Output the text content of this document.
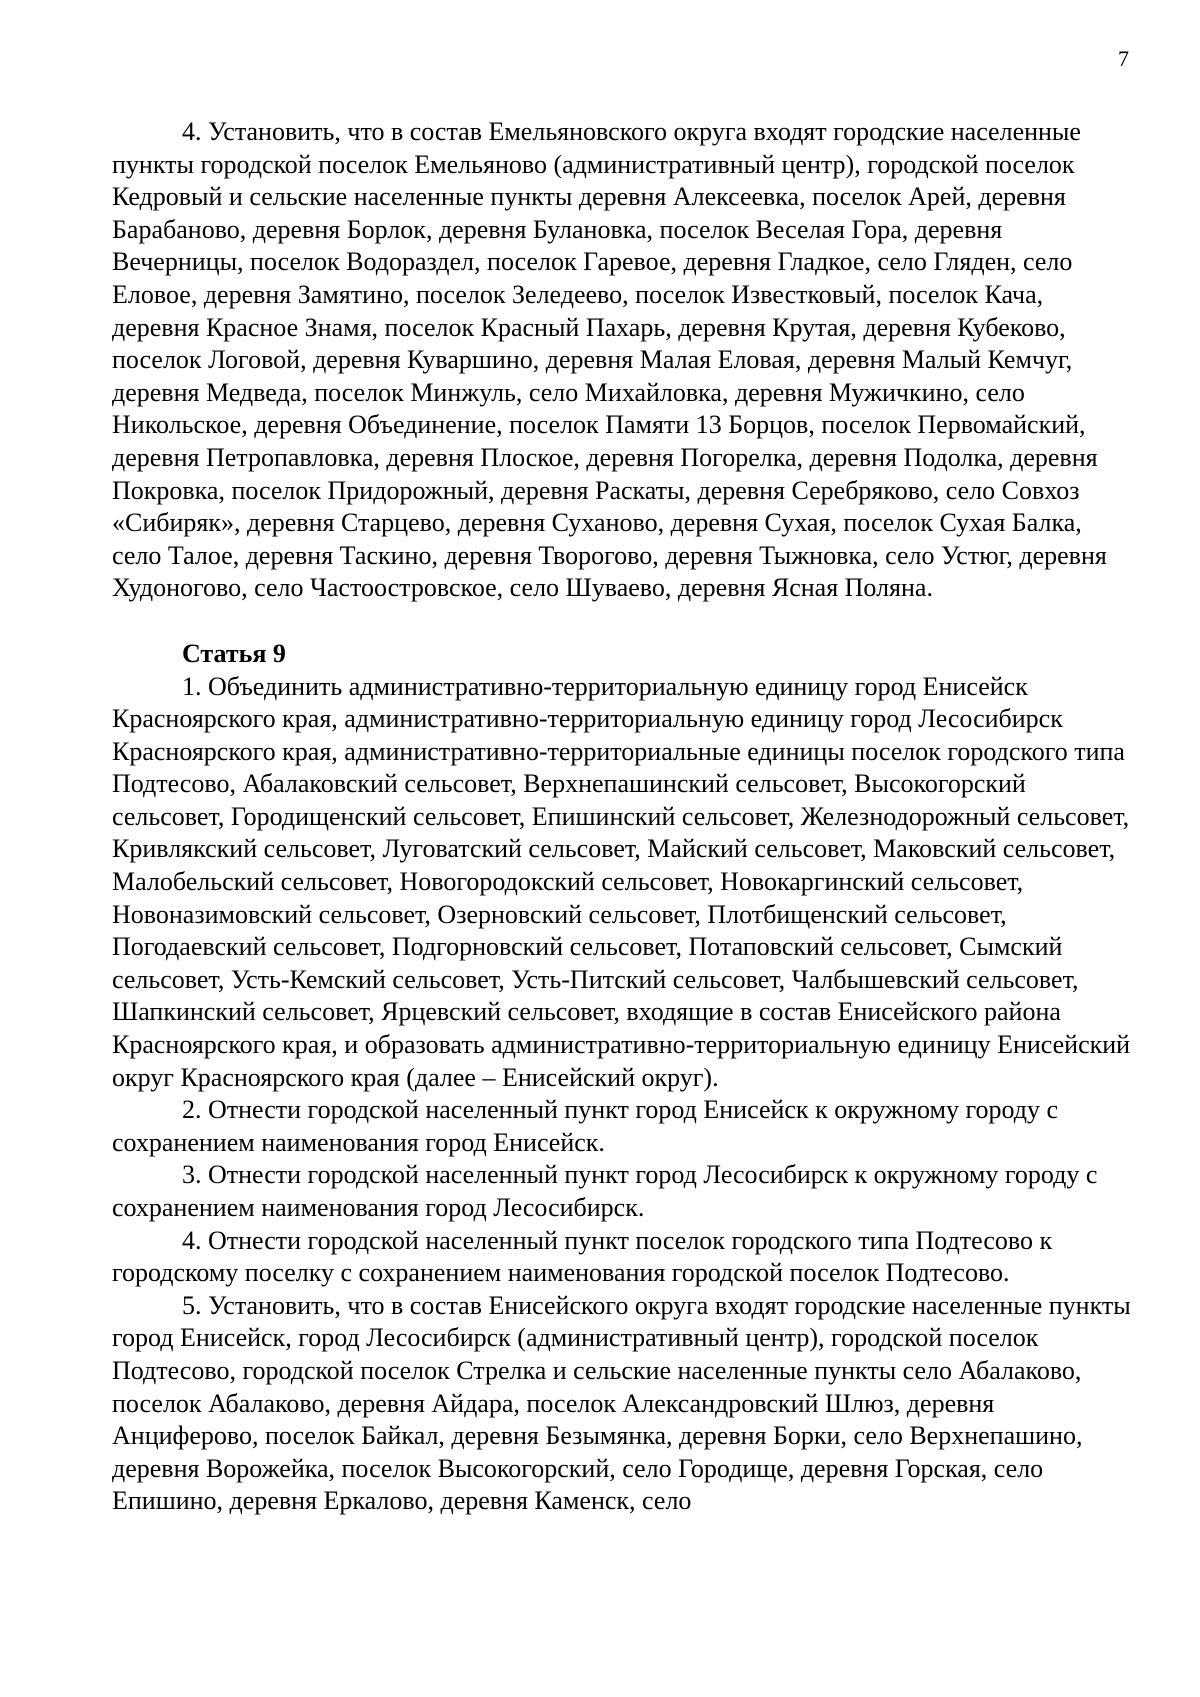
7

4. Установить, что в состав Емельяновского округа входят городские населенные пункты городской поселок Емельяново (административный центр), городской поселок Кедровый и сельские населенные пункты деревня Алексеевка, поселок Арей, деревня Барабаново, деревня Борлок, деревня Булановка, поселок Веселая Гора, деревня Вечерницы, поселок Водораздел, поселок Гаревое, деревня Гладкое, село Гляден, село Еловое, деревня Замятино, поселок Зеледеево, поселок Известковый, поселок Кача, деревня Красное Знамя, поселок Красный Пахарь, деревня Крутая, деревня Кубеково, поселок Логовой, деревня Куваршино, деревня Малая Еловая, деревня Малый Кемчуг, деревня Медведа, поселок Минжуль, село Михайловка, деревня Мужичкино, село Никольское, деревня Объединение, поселок Памяти 13 Борцов, поселок Первомайский, деревня Петропавловка, деревня Плоское, деревня Погорелка, деревня Подолка, деревня Покровка, поселок Придорожный, деревня Раскаты, деревня Серебряково, село Совхоз «Сибиряк», деревня Старцево, деревня Суханово, деревня Сухая, поселок Сухая Балка, село Талое, деревня Таскино, деревня Творогово, деревня Тыжновка, село Устюг, деревня Худоногово, село Частоостровское, село Шуваево, деревня Ясная Поляна.

Статья 9

1. Объединить административно-территориальную единицу город Енисейск Красноярского края, административно-территориальную единицу город Лесосибирск Красноярского края, административно-территориальные единицы поселок городского типа Подтесово, Абалаковский сельсовет, Верхнепашинский сельсовет, Высокогорский сельсовет, Городищенский сельсовет, Епишинский сельсовет, Железнодорожный сельсовет, Кривлякский сельсовет, Луговатский сельсовет, Майский сельсовет, Маковский сельсовет, Малобельский сельсовет, Новогородокский сельсовет, Новокаргинский сельсовет, Новоназимовский сельсовет, Озерновский сельсовет, Плотбищенский сельсовет, Погодаевский сельсовет, Подгорновский сельсовет, Потаповский сельсовет, Сымский сельсовет, Усть-Кемский сельсовет, Усть-Питский сельсовет, Чалбышевский сельсовет, Шапкинский сельсовет, Ярцевский сельсовет, входящие в состав Енисейского района Красноярского края, и образовать административно-территориальную единицу Енисейский округ Красноярского края (далее – Енисейский округ).

2. Отнести городской населенный пункт город Енисейск к окружному городу с сохранением наименования город Енисейск.

3. Отнести городской населенный пункт город Лесосибирск к окружному городу с сохранением наименования город Лесосибирск.

4. Отнести городской населенный пункт поселок городского типа Подтесово к городскому поселку с сохранением наименования городской поселок Подтесово.

5. Установить, что в состав Енисейского округа входят городские населенные пункты город Енисейск, город Лесосибирск (административный центр), городской поселок Подтесово, городской поселок Стрелка и сельские населенные пункты село Абалаково, поселок Абалаково, деревня Айдара, поселок Александровский Шлюз, деревня Анциферово, поселок Байкал, деревня Безымянка, деревня Борки, село Верхнепашино, деревня Ворожейка, поселок Высокогорский, село Городище, деревня Горская, село Епишино, деревня Еркалово, деревня Каменск, село
